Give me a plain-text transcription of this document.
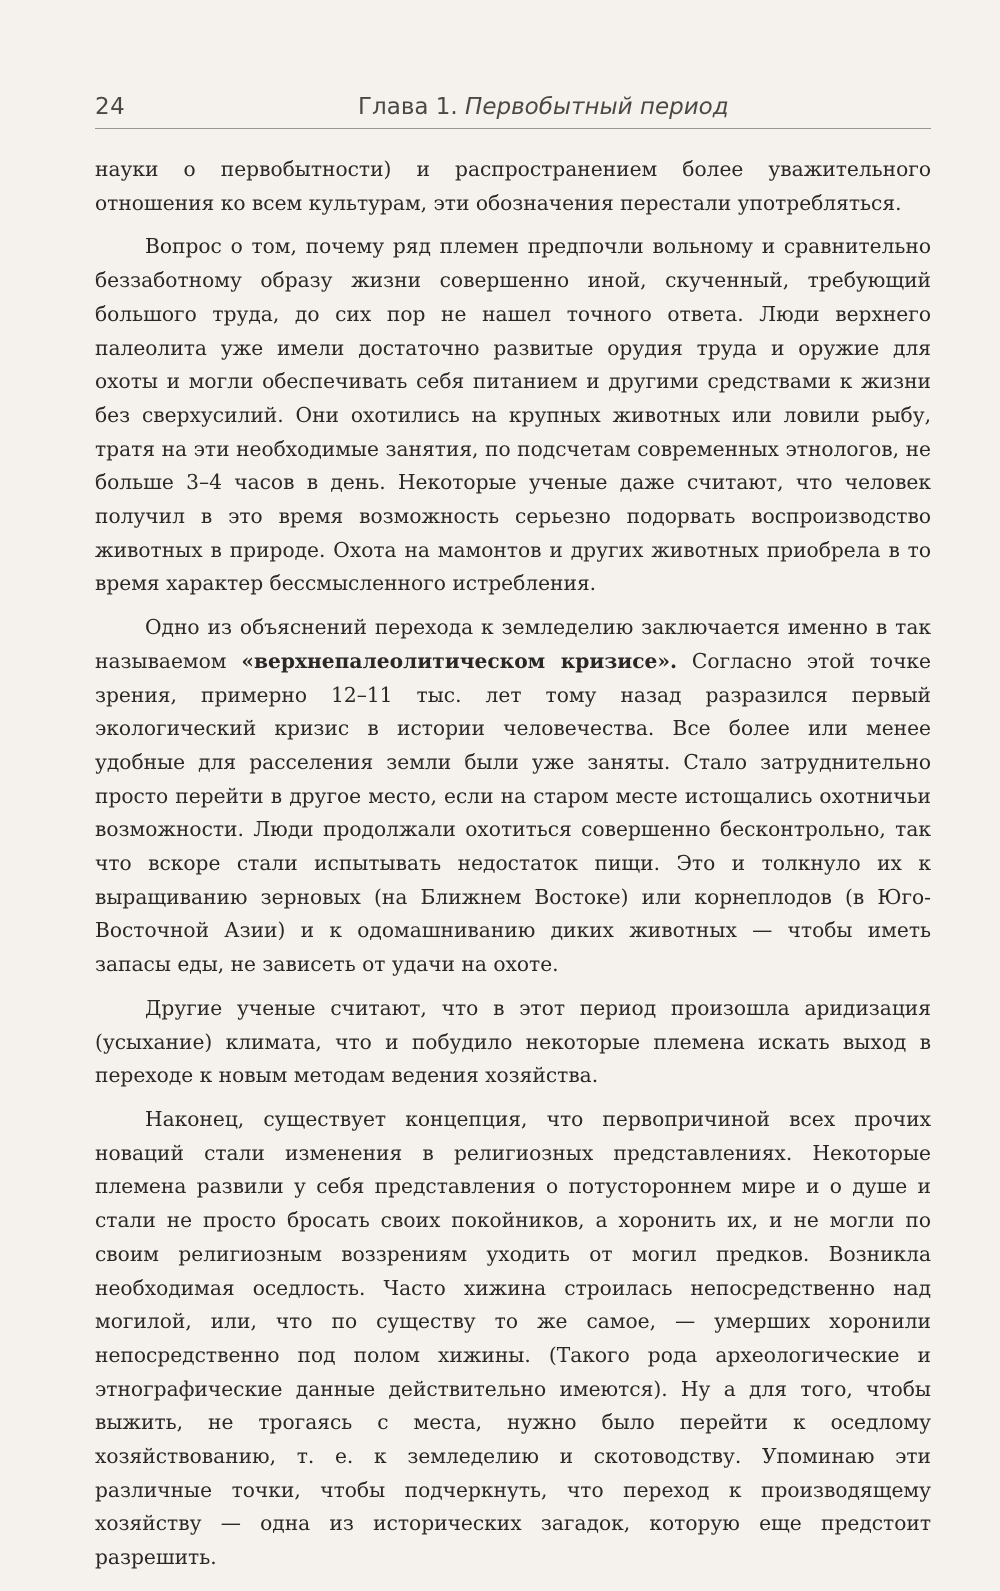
24	Глава 1. Первобытный период

науки о первобытности) и распространением более уважительного отношения ко всем культурам, эти обозначения перестали употребляться.

Вопрос о том, почему ряд племен предпочли вольному и сравнительно беззаботному образу жизни совершенно иной, скученный, требующий большого труда, до сих пор не нашел точного ответа. Люди верхнего палеолита уже имели достаточно развитые орудия труда и оружие для охоты и могли обеспечивать себя питанием и другими средствами к жизни без сверхусилий. Они охотились на крупных животных или ловили рыбу, тратя на эти необходимые занятия, по подсчетам современных этнологов, не больше 3–4 часов в день. Некоторые ученые даже считают, что человек получил в это время возможность серьезно подорвать воспроизводство животных в природе. Охота на мамонтов и других животных приобрела в то время характер бессмысленного истребления.

Одно из объяснений перехода к земледелию заключается именно в так называемом «верхнепалеолитическом кризисе». Согласно этой точке зрения, примерно 12–11 тыс. лет тому назад разразился первый экологический кризис в истории человечества. Все более или менее удобные для расселения земли были уже заняты. Стало затруднительно просто перейти в другое место, если на старом месте истощались охотничьи возможности. Люди продолжали охотиться совершенно бесконтрольно, так что вскоре стали испытывать недостаток пищи. Это и толкнуло их к выращиванию зерновых (на Ближнем Востоке) или корнеплодов (в Юго-Восточной Азии) и к одомашниванию диких животных — чтобы иметь запасы еды, не зависеть от удачи на охоте.

Другие ученые считают, что в этот период произошла аридизация (усыхание) климата, что и побудило некоторые племена искать выход в переходе к новым методам ведения хозяйства.

Наконец, существует концепция, что первопричиной всех прочих новаций стали изменения в религиозных представлениях. Некоторые племена развили у себя представления о потустороннем мире и о душе и стали не просто бросать своих покойников, а хоронить их, и не могли по своим религиозным воззрениям уходить от могил предков. Возникла необходимая оседлость. Часто хижина строилась непосредственно над могилой, или, что по существу то же самое, — умерших хоронили непосредственно под полом хижины. (Такого рода археологические и этнографические данные действительно имеются). Ну а для того, чтобы выжить, не трогаясь с места, нужно было перейти к оседлому хозяйствованию, т. е. к земледелию и скотоводству. Упоминаю эти различные точки, чтобы подчеркнуть, что переход к производящему хозяйству — одна из исторических загадок, которую еще предстоит разрешить.
